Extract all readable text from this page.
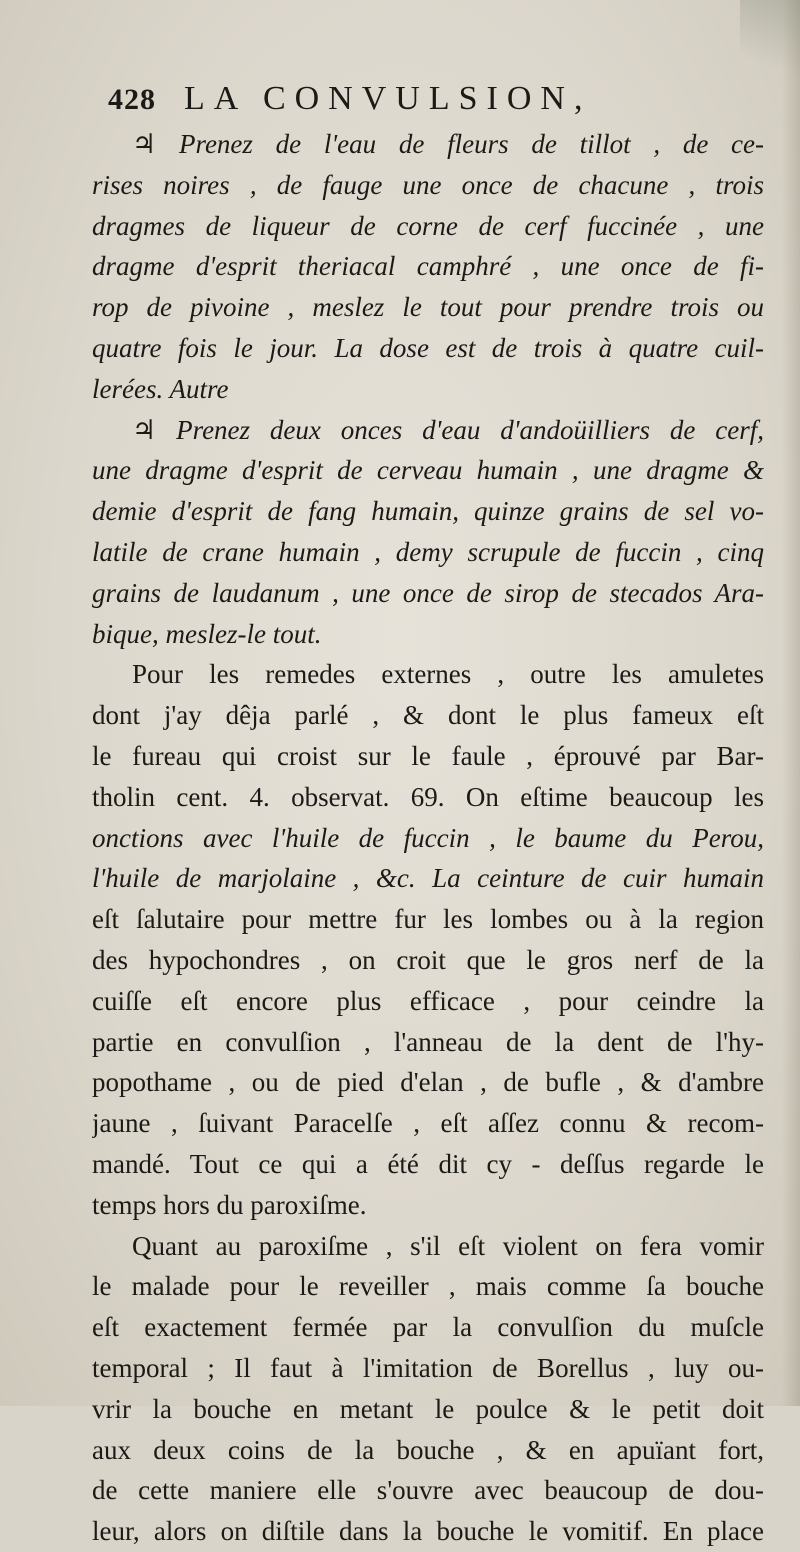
428 LA CONVULSION,
♃ Prenez de l'eau de fleurs de tillot , de ce-
rises noires , de fauge une once de chacune , trois
dragmes de liqueur de corne de cerf fuccinée , une
dragme d'esprit theriacal camphré , une once de fi-
rop de pivoine , meslez le tout pour prendre trois ou
quatre fois le jour. La dose est de trois à quatre cuil-
lerées. Autre
♃ Prenez deux onces d'eau d'andoüilliers de cerf,
une dragme d'esprit de cerveau humain , une dragme &
demie d'esprit de fang humain, quinze grains de sel vo-
latile de crane humain , demy scrupule de fuccin , cinq
grains de laudanum , une once de sirop de stecados Ara-
bique, meslez-le tout.
Pour les remedes externes , outre les amuletes
dont j'ay dêja parlé , & dont le plus fameux eſt
le fureau qui croist sur le faule , éprouvé par Bar-
tholin cent. 4. observat. 69. On eſtime beaucoup les
onctions avec l'huile de fuccin , le baume du Perou,
l'huile de marjolaine , &c. La ceinture de cuir humain
eſt ſalutaire pour mettre fur les lombes ou à la region
des hypochondres , on croit que le gros nerf de la
cuiſſe eſt encore plus efficace , pour ceindre la
partie en convulſion , l'anneau de la dent de l'hy-
popothame , ou de pied d'elan , de bufle , & d'ambre
jaune , ſuivant Paracelſe , eſt aſſez connu & recom-
mandé. Tout ce qui a été dit cy - deſſus regarde le
temps hors du paroxiſme.
Quant au paroxiſme , s'il eſt violent on fera vomir
le malade pour le reveiller , mais comme ſa bouche
eſt exactement fermée par la convulſion du muſcle
temporal ; Il faut à l'imitation de Borellus , luy ou-
vrir la bouche en metant le poulce & le petit doit
aux deux coins de la bouche , & en apuïant fort,
de cette maniere elle s'ouvre avec beaucoup de dou-
leur, alors on diſtile dans la bouche le vomitif. En place
